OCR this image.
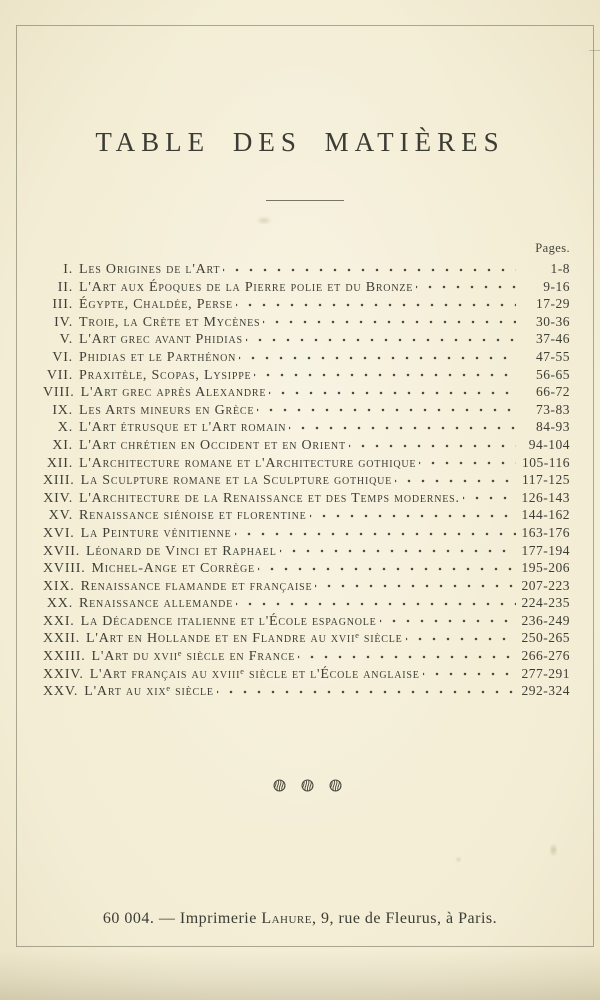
TABLE DES MATIÈRES
Pages.
I. Les Origines de l'Art	1-8
II. L'Art aux Époques de la Pierre polie et du Bronze	9-16
III. Égypte, Chaldée, Perse	17-29
IV. Troie, la Crète et Mycènes	30-36
V. L'Art grec avant Phidias	37-46
VI. Phidias et le Parthénon	47-55
VII. Praxitèle, Scopas, Lysippe	56-65
VIII. L'Art grec après Alexandre	66-72
IX. Les Arts mineurs en Grèce	73-83
X. L'Art étrusque et l'Art romain	84-93
XI. L'Art chrétien en Occident et en Orient	94-104
XII. L'Architecture romane et l'Architecture gothique	105-116
XIII. La Sculpture romane et la Sculpture gothique	117-125
XIV. L'Architecture de la Renaissance et des Temps modernes.	126-143
XV. Renaissance siénoise et florentine	144-162
XVI. La Peinture vénitienne	163-176
XVII. Léonard de Vinci et Raphael	177-194
XVIII. Michel-Ange et Corrège	195-206
XIX. Renaissance flamande et française	207-223
XX. Renaissance allemande	224-235
XXI. La Décadence italienne et l'École espagnole	236-249
XXII. L'Art en Hollande et en Flandre au xviiᵉ siècle	250-265
XXIII. L'Art du xviiᵉ siècle en France	266-276
XXIV. L'Art français au xviiiᵉ siècle et l'École anglaise	277-291
XXV. L'Art au xixᵉ siècle	292-324
60 004. — Imprimerie Lahure, 9, rue de Fleurus, à Paris.
